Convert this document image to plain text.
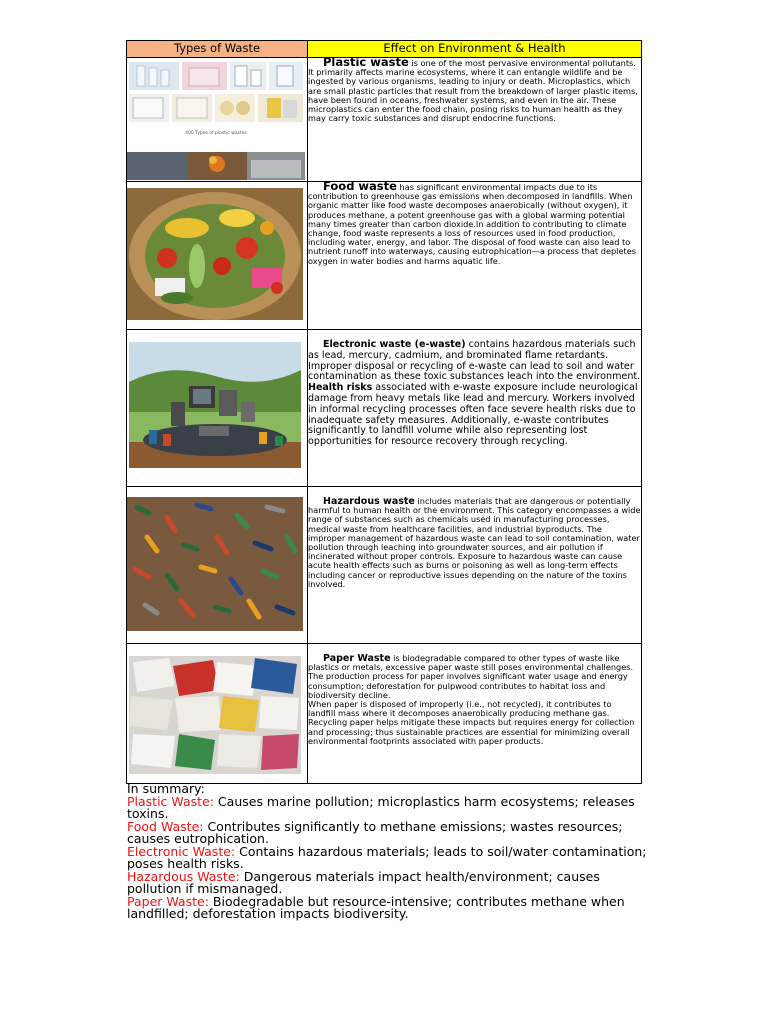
Types of Waste	Effect on Environment & Health

400 Types of plastic wastes	Plastic waste is one of the most pervasive environmental pollutants. It primarily affects marine ecosystems, where it can entangle wildlife and be ingested by various organisms, leading to injury or death. Microplastics, which are small plastic particles that result from the breakdown of larger plastic items, have been found in oceans, freshwater systems, and even in the air. These microplastics can enter the food chain, posing risks to human health as they may carry toxic substances and disrupt endocrine functions.

	Food waste has significant environmental impacts due to its contribution to greenhouse gas emissions when decomposed in landfills. When organic matter like food waste decomposes anaerobically (without oxygen), it produces methane, a potent greenhouse gas with a global warming potential many times greater than carbon dioxide.In addition to contributing to climate change, food waste represents a loss of resources used in food production, including water, energy, and labor. The disposal of food waste can also lead to nutrient runoff into waterways, causing eutrophication—a process that depletes oxygen in water bodies and harms aquatic life.

	Electronic waste (e-waste) contains hazardous materials such as lead, mercury, cadmium, and brominated flame retardants. Improper disposal or recycling of e-waste can lead to soil and water contamination as these toxic substances leach into the environment. Health risks associated with e-waste exposure include neurological damage from heavy metals like lead and mercury. Workers involved in informal recycling processes often face severe health risks due to inadequate safety measures. Additionally, e-waste contributes significantly to landfill volume while also representing lost opportunities for resource recovery through recycling.

	Hazardous waste includes materials that are dangerous or potentially harmful to human health or the environment. This category encompasses a wide range of substances such as chemicals used in manufacturing processes, medical waste from healthcare facilities, and industrial byproducts. The improper management of hazardous waste can lead to soil contamination, water pollution through leaching into groundwater sources, and air pollution if incinerated without proper controls. Exposure to hazardous waste can cause acute health effects such as burns or poisoning as well as long-term effects including cancer or reproductive issues depending on the nature of the toxins involved.

	Paper Waste is biodegradable compared to other types of waste like plastics or metals, excessive paper waste still poses environmental challenges. The production process for paper involves significant water usage and energy consumption; deforestation for pulpwood contributes to habitat loss and biodiversity decline.
When paper is disposed of improperly (i.e., not recycled), it contributes to landfill mass where it decomposes anaerobically producing methane gas. Recycling paper helps mitigate these impacts but requires energy for collection and processing; thus sustainable practices are essential for minimizing overall environmental footprints associated with paper products.
In summary:
Plastic Waste: Causes marine pollution; microplastics harm ecosystems; releases toxins.
Food Waste: Contributes significantly to methane emissions; wastes resources; causes eutrophication.
Electronic Waste: Contains hazardous materials; leads to soil/water contamination; poses health risks.
Hazardous Waste: Dangerous materials impact health/environment; causes pollution if mismanaged.
Paper Waste: Biodegradable but resource-intensive; contributes methane when landfilled; deforestation impacts biodiversity.
